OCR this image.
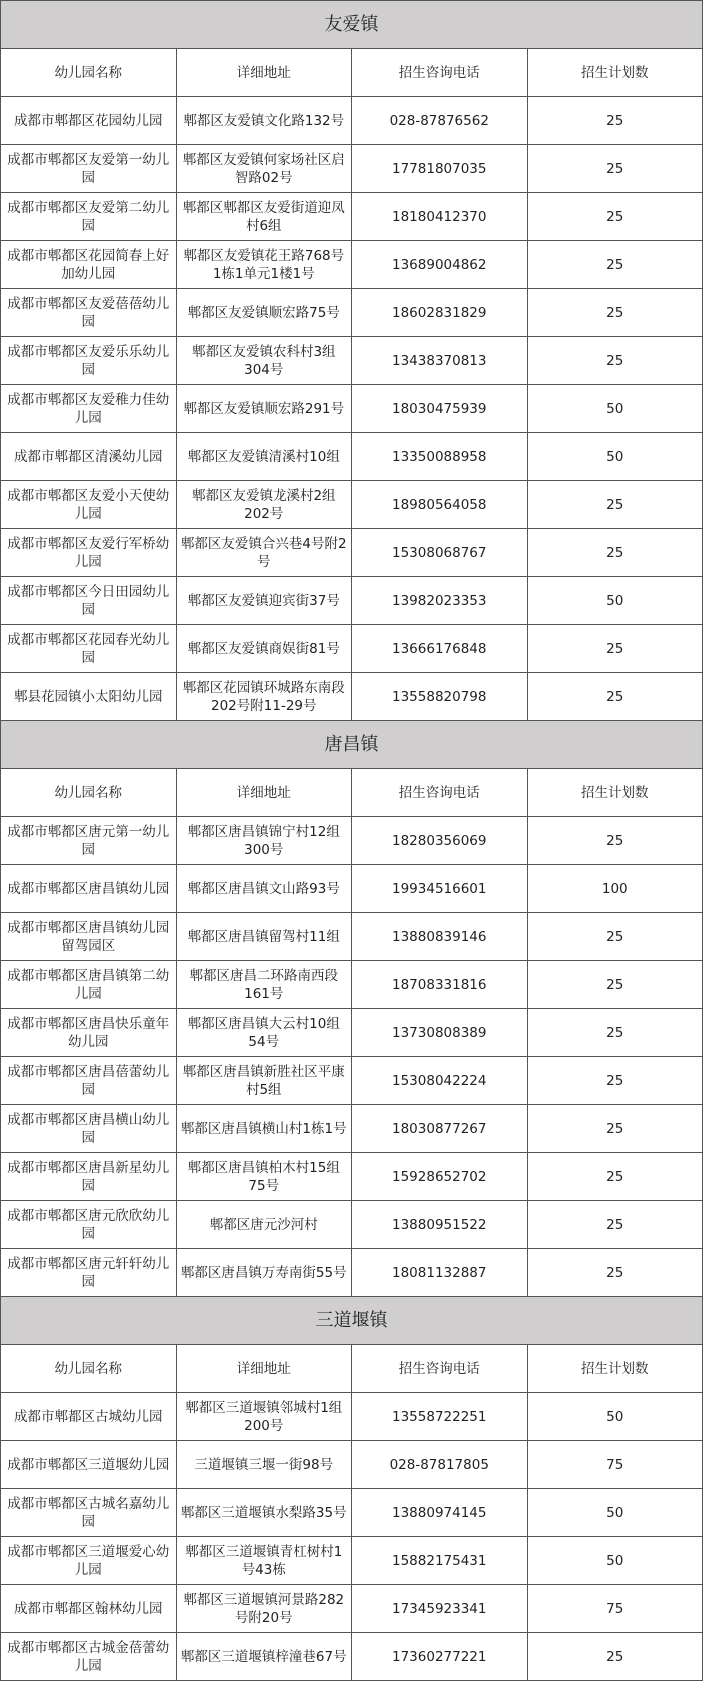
友爱镇			
幼儿园名称	详细地址	招生咨询电话	招生计划数
成都市郫都区花园幼儿园	郫都区友爱镇文化路132号	028-87876562	25
成都市郫都区友爱第一幼儿园	郫都区友爱镇何家场社区启智路02号	17781807035	25
成都市郫都区友爱第二幼儿园	郫都区郫都区友爱街道迎凤村6组	18180412370	25
成都市郫都区花园简春上好加幼儿园	郫都区友爱镇花王路768号1栋1单元1楼1号	13689004862	25
成都市郫都区友爱蓓蓓幼儿园	郫都区友爱镇顺宏路75号	18602831829	25
成都市郫都区友爱乐乐幼儿园	郫都区友爱镇农科村3组304号	13438370813	25
成都市郫都区友爱稚力佳幼儿园	郫都区友爱镇顺宏路291号	18030475939	50
成都市郫都区清溪幼儿园	郫都区友爱镇清溪村10组	13350088958	50
成都市郫都区友爱小天使幼儿园	郫都区友爱镇龙溪村2组202号	18980564058	25
成都市郫都区友爱行军桥幼儿园	郫都区友爱镇合兴巷4号附2号	15308068767	25
成都市郫都区今日田园幼儿园	郫都区友爱镇迎宾街37号	13982023353	50
成都市郫都区花园春光幼儿园	郫都区友爱镇商娱街81号	13666176848	25
郫县花园镇小太阳幼儿园	郫都区花园镇环城路东南段202号附11-29号	13558820798	25
唐昌镇			
幼儿园名称	详细地址	招生咨询电话	招生计划数
成都市郫都区唐元第一幼儿园	郫都区唐昌镇锦宁村12组300号	18280356069	25
成都市郫都区唐昌镇幼儿园	郫都区唐昌镇文山路93号	19934516601	100
成都市郫都区唐昌镇幼儿园留驾园区	郫都区唐昌镇留驾村11组	13880839146	25
成都市郫都区唐昌镇第二幼儿园	郫都区唐昌二环路南西段161号	18708331816	25
成都市郫都区唐昌快乐童年幼儿园	郫都区唐昌镇大云村10组54号	13730808389	25
成都市郫都区唐昌蓓蕾幼儿园	郫都区唐昌镇新胜社区平康村5组	15308042224	25
成都市郫都区唐昌横山幼儿园	郫都区唐昌镇横山村1栋1号	18030877267	25
成都市郫都区唐昌新星幼儿园	郫都区唐昌镇柏木村15组75号	15928652702	25
成都市郫都区唐元欣欣幼儿园	郫都区唐元沙河村	13880951522	25
成都市郫都区唐元轩轩幼儿园	郫都区唐昌镇万寿南街55号	18081132887	25
三道堰镇			
幼儿园名称	详细地址	招生咨询电话	招生计划数
成都市郫都区古城幼儿园	郫都区三道堰镇邻城村1组200号	13558722251	50
成都市郫都区三道堰幼儿园	三道堰镇三堰一街98号	028-87817805	75
成都市郫都区古城名嘉幼儿园	郫都区三道堰镇水梨路35号	13880974145	50
成都市郫都区三道堰爱心幼儿园	郫都区三道堰镇青杠树村1号43栋	15882175431	50
成都市郫都区翰林幼儿园	郫都区三道堰镇河景路282号附20号	17345923341	75
成都市郫都区古城金蓓蕾幼儿园	郫都区三道堰镇梓潼巷67号	17360277221	25
